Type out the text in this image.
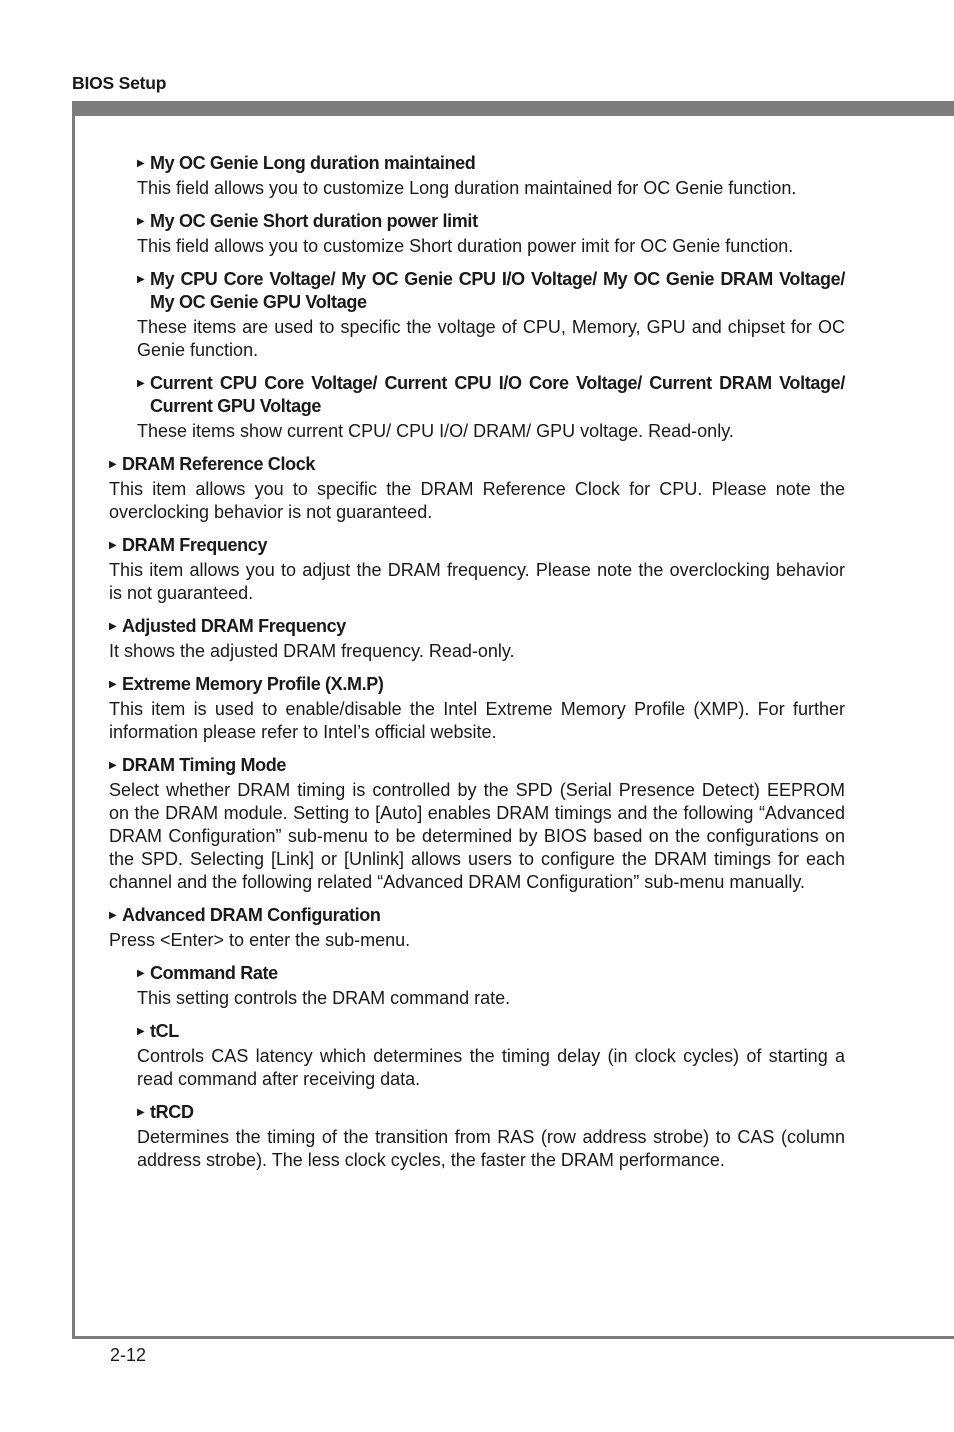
BIOS Setup
▶ My OC Genie Long duration maintained
This field allows you to customize Long duration maintained for OC Genie function.
▶ My OC Genie Short duration power limit
This field allows you to customize Short duration power imit for OC Genie function.
▶ My CPU Core Voltage/ My OC Genie CPU I/O Voltage/ My OC Genie DRAM Voltage/ My OC Genie GPU Voltage
These items are used to specific the voltage of CPU, Memory, GPU and chipset for OC Genie function.
▶ Current CPU Core Voltage/ Current CPU I/O Core Voltage/ Current DRAM Voltage/ Current GPU Voltage
These items show current CPU/ CPU I/O/ DRAM/ GPU voltage. Read-only.
▶ DRAM Reference Clock
This item allows you to specific the DRAM Reference Clock for CPU. Please note the overclocking behavior is not guaranteed.
▶ DRAM Frequency
This item allows you to adjust the DRAM frequency. Please note the overclocking behavior is not guaranteed.
▶ Adjusted DRAM Frequency
It shows the adjusted DRAM frequency. Read-only.
▶ Extreme Memory Profile (X.M.P)
This item is used to enable/disable the Intel Extreme Memory Profile (XMP). For further information please refer to Intel’s official website.
▶ DRAM Timing Mode
Select whether DRAM timing is controlled by the SPD (Serial Presence Detect) EEPROM on the DRAM module. Setting to [Auto] enables DRAM timings and the following “Advanced DRAM Configuration” sub-menu to be determined by BIOS based on the configurations on the SPD. Selecting [Link] or [Unlink] allows users to configure the DRAM timings for each channel and the following related “Advanced DRAM Configuration” sub-menu manually.
▶ Advanced DRAM Configuration
Press <Enter> to enter the sub-menu.
▶ Command Rate
This setting controls the DRAM command rate.
▶ tCL
Controls CAS latency which determines the timing delay (in clock cycles) of starting a read command after receiving data.
▶ tRCD
Determines the timing of the transition from RAS (row address strobe) to CAS (column address strobe). The less clock cycles, the faster the DRAM performance.
2-12
